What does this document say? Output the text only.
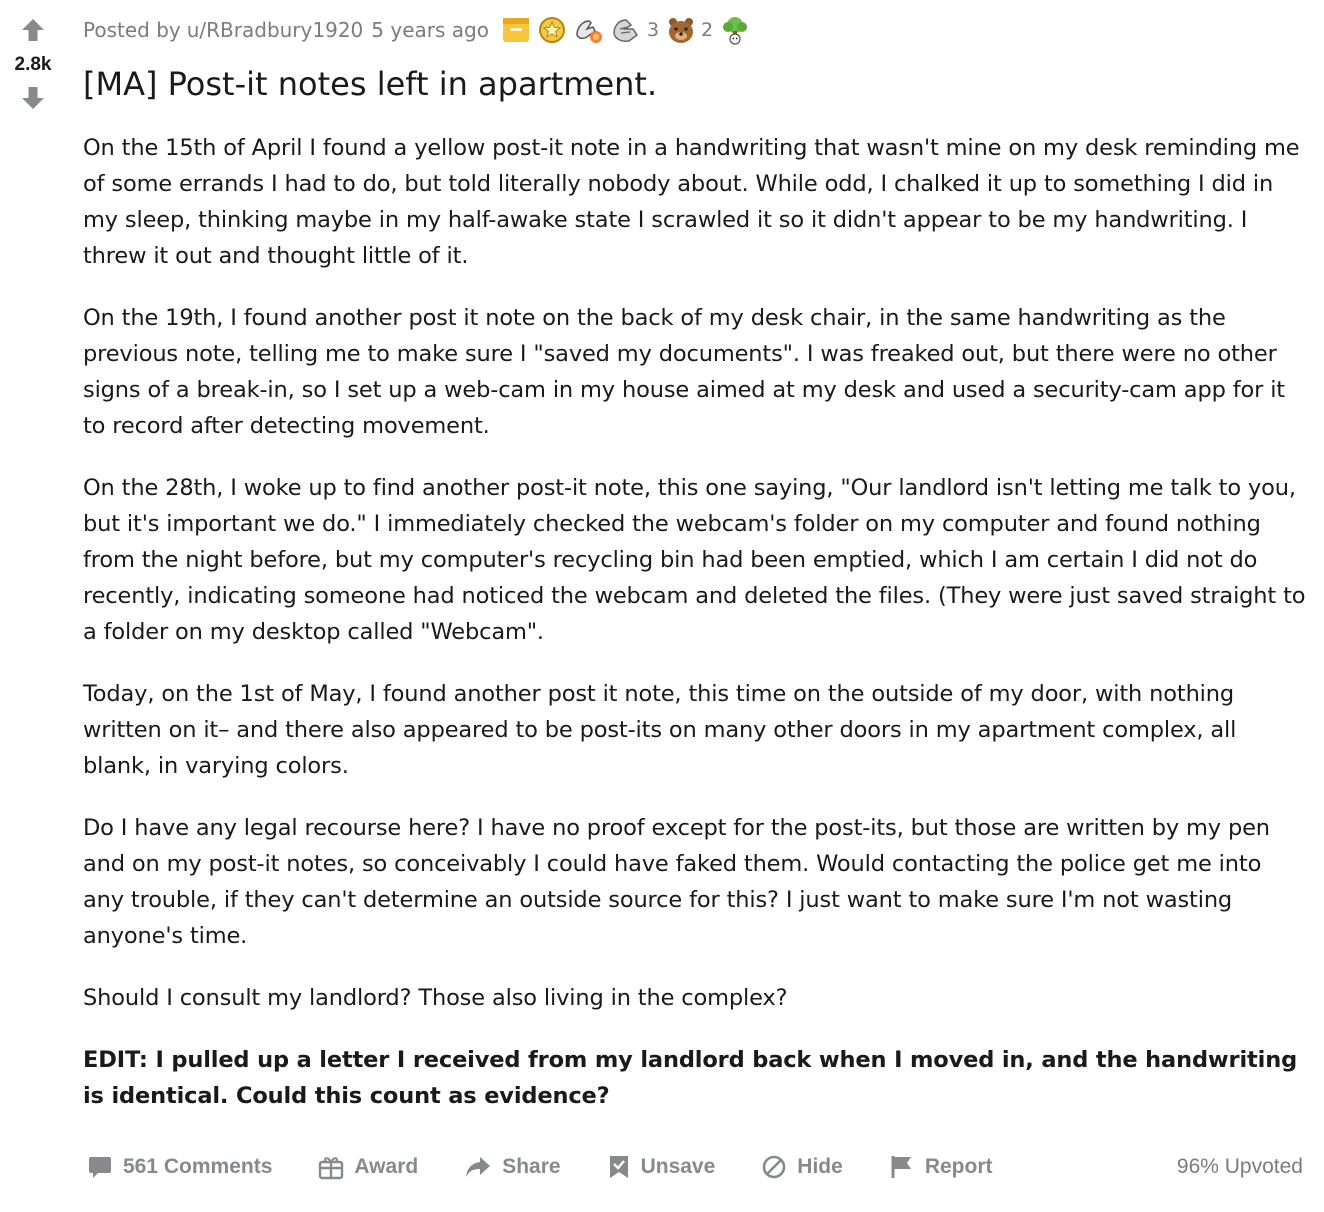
2.8k
Posted by u/RBradbury1920 5 years ago	3 2
[MA] Post-it notes left in apartment.

On the 15th of April I found a yellow post-it note in a handwriting that wasn't mine on my desk reminding me of some errands I had to do, but told literally nobody about. While odd, I chalked it up to something I did in my sleep, thinking maybe in my half-awake state I scrawled it so it didn't appear to be my handwriting. I threw it out and thought little of it.

On the 19th, I found another post it note on the back of my desk chair, in the same handwriting as the previous note, telling me to make sure I "saved my documents". I was freaked out, but there were no other signs of a break-in, so I set up a web-cam in my house aimed at my desk and used a security-cam app for it to record after detecting movement.

On the 28th, I woke up to find another post-it note, this one saying, "Our landlord isn't letting me talk to you, but it's important we do." I immediately checked the webcam's folder on my computer and found nothing from the night before, but my computer's recycling bin had been emptied, which I am certain I did not do recently, indicating someone had noticed the webcam and deleted the files. (They were just saved straight to a folder on my desktop called "Webcam".

Today, on the 1st of May, I found another post it note, this time on the outside of my door, with nothing written on it– and there also appeared to be post-its on many other doors in my apartment complex, all blank, in varying colors.

Do I have any legal recourse here? I have no proof except for the post-its, but those are written by my pen and on my post-it notes, so conceivably I could have faked them. Would contacting the police get me into any trouble, if they can't determine an outside source for this? I just want to make sure I'm not wasting anyone's time.

Should I consult my landlord? Those also living in the complex?

EDIT: I pulled up a letter I received from my landlord back when I moved in, and the handwriting is identical. Could this count as evidence?

561 Comments	Award	Share	Unsave	Hide	Report	96% Upvoted
